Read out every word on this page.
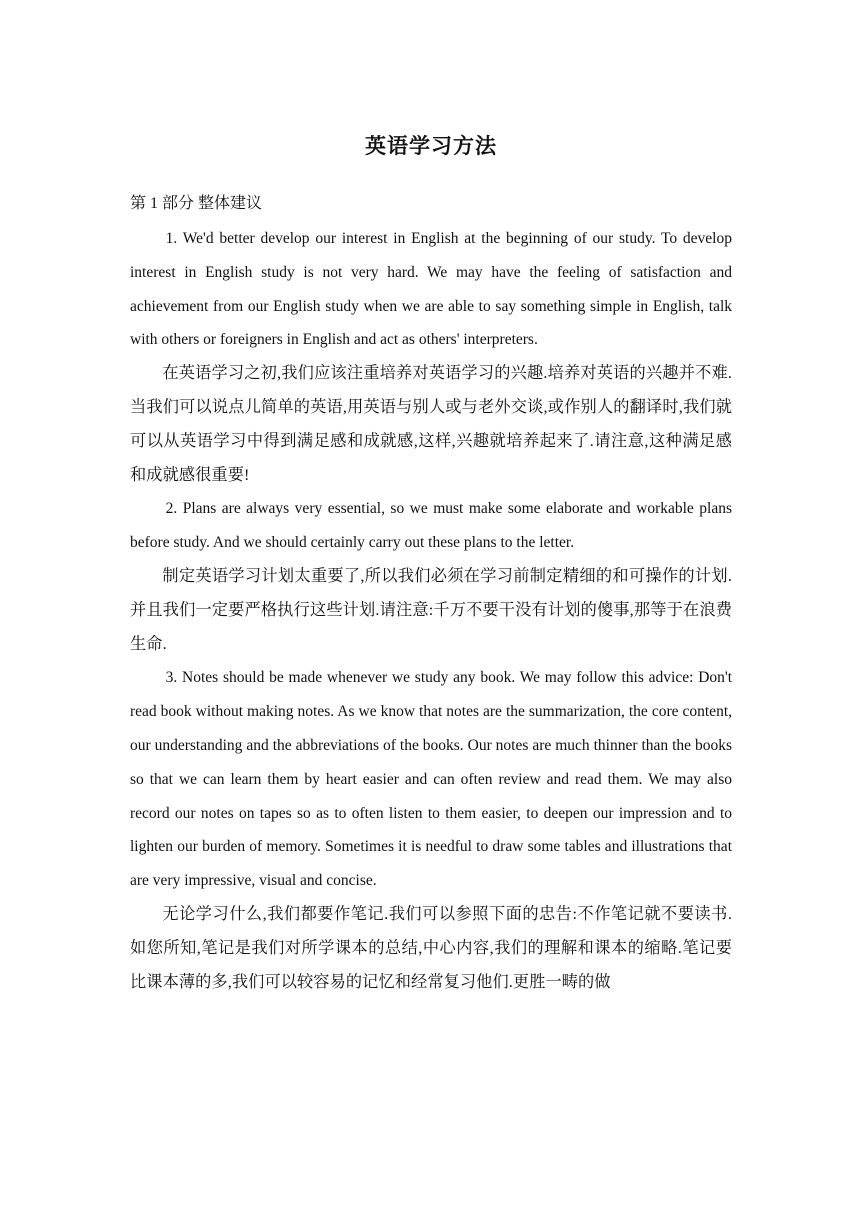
英语学习方法
第 1 部分 整体建议

1. We'd better develop our interest in English at the beginning of our study. To develop interest in English study is not very hard. We may have the feeling of satisfaction and achievement from our English study when we are able to say something simple in English, talk with others or foreigners in English and act as others' interpreters.

在英语学习之初,我们应该注重培养对英语学习的兴趣.培养对英语的兴趣并不难.当我们可以说点儿简单的英语,用英语与别人或与老外交谈,或作别人的翻译时,我们就可以从英语学习中得到满足感和成就感,这样,兴趣就培养起来了.请注意,这种满足感和成就感很重要!

2. Plans are always very essential, so we must make some elaborate and workable plans before study. And we should certainly carry out these plans to the letter.

制定英语学习计划太重要了,所以我们必须在学习前制定精细的和可操作的计划. 并且我们一定要严格执行这些计划.请注意:千万不要干没有计划的傻事,那等于在浪费生命.

3. Notes should be made whenever we study any book. We may follow this advice: Don't read book without making notes. As we know that notes are the summarization, the core content, our understanding and the abbreviations of the books. Our notes are much thinner than the books so that we can learn them by heart easier and can often review and read them. We may also record our notes on tapes so as to often listen to them easier, to deepen our impression and to lighten our burden of memory. Sometimes it is needful to draw some tables and illustrations that are very impressive, visual and concise.

无论学习什么,我们都要作笔记.我们可以参照下面的忠告:不作笔记就不要读书.如您所知,笔记是我们对所学课本的总结,中心内容,我们的理解和课本的缩略.笔记要比课本薄的多,我们可以较容易的记忆和经常复习他们.更胜一畴的做
